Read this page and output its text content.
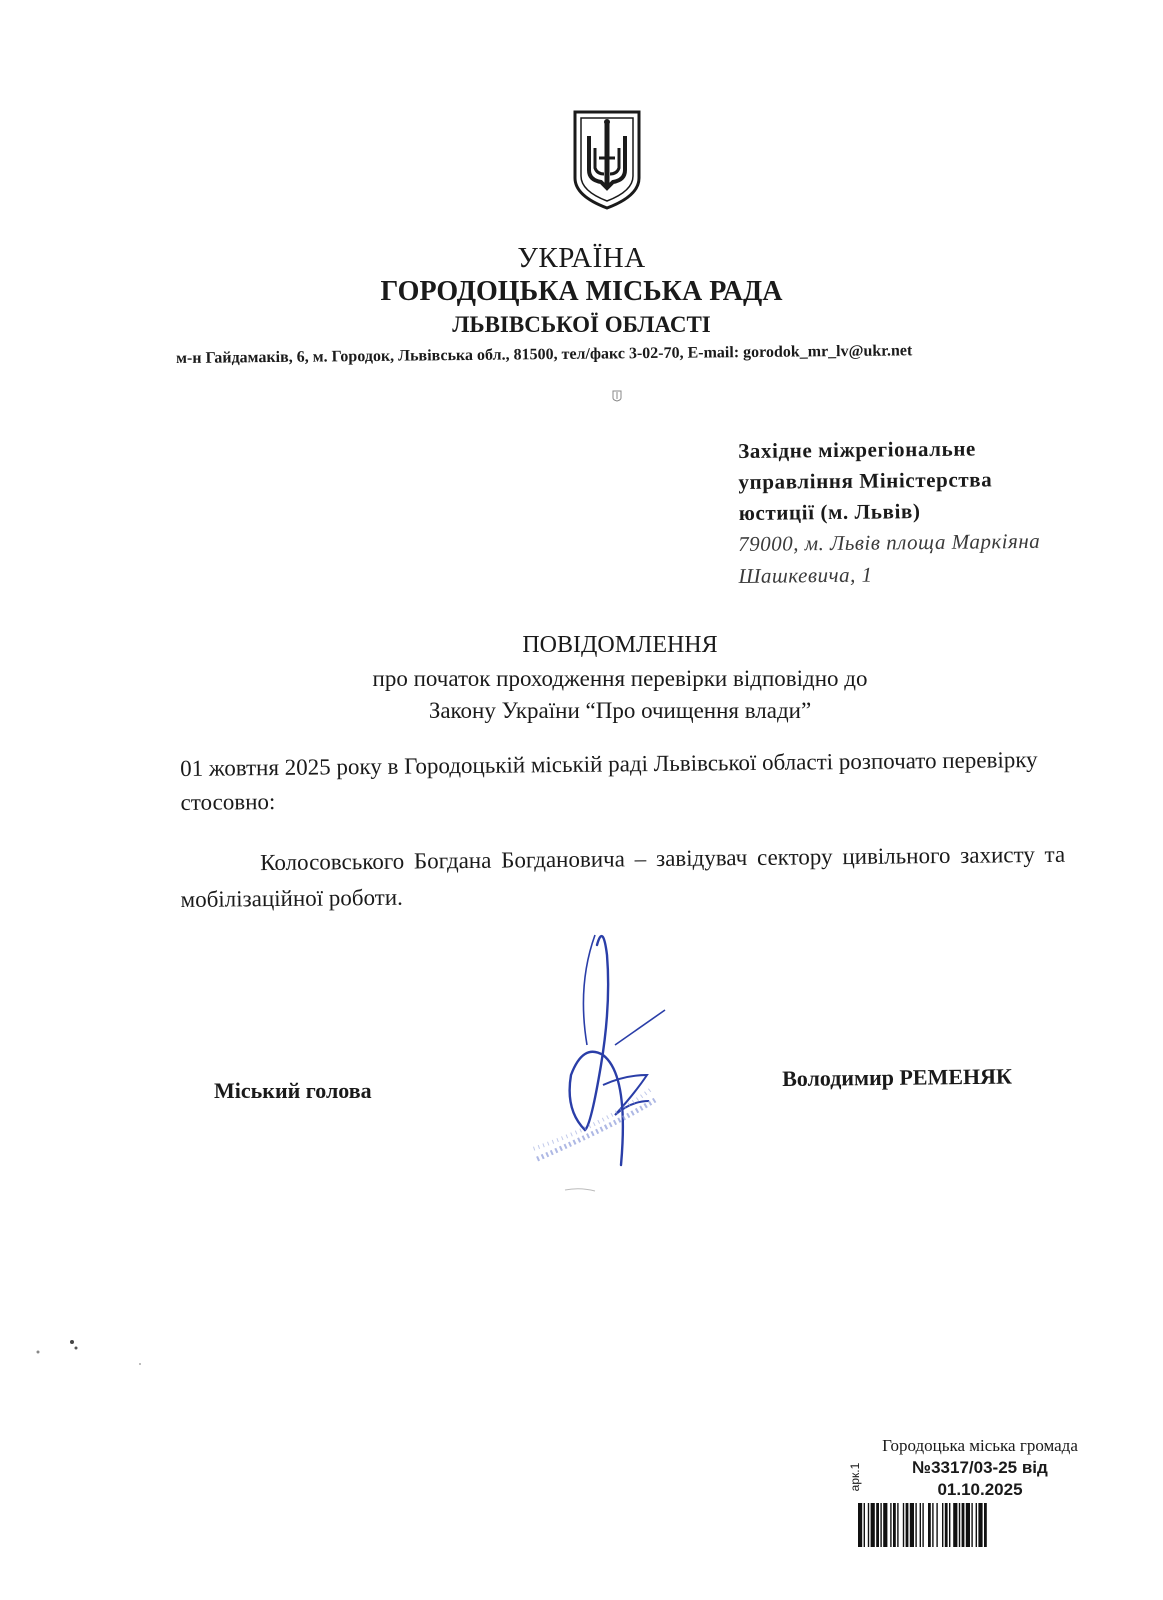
УКРАЇНА
ГОРОДОЦЬКА МІСЬКА РАДА
ЛЬВІВСЬКОЇ ОБЛАСТІ
м-н Гайдамаків, 6, м. Городок, Львівська обл., 81500, тел/факс 3-02-70, E-mail: gorodok_mr_lv@ukr.net
Західне міжрегіональне
управління Міністерства
юстиції (м. Львів)
79000, м. Львів площа Маркіяна
Шашкевича, 1
ПОВІДОМЛЕННЯ
про початок проходження перевірки відповідно до
Закону України “Про очищення влади”
01 жовтня 2025 року в Городоцькій міській раді Львівської області розпочато перевірку стосовно:
Колосовського Богдана Богдановича – завідувач сектору цивільного захисту та мобілізаційної роботи.
Міський голова	Володимир РЕМЕНЯК
Городоцька міська громада
№3317/03-25 від
01.10.2025
арк.1
